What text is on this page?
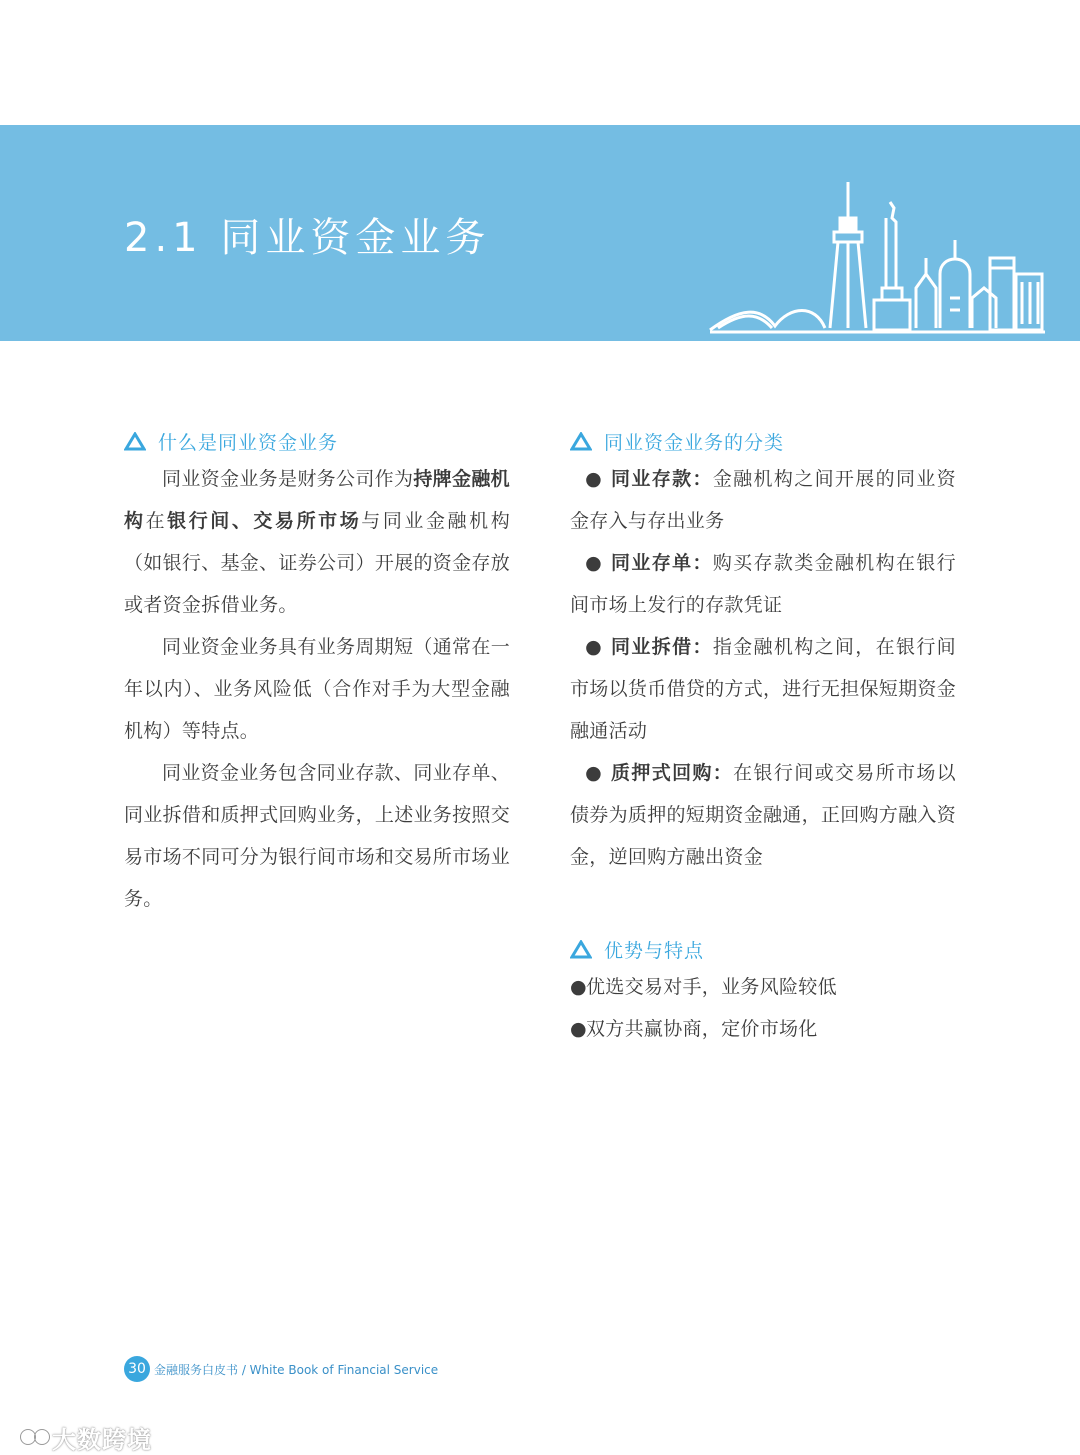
2.1 同业资金业务
什么是同业资金业务

同业资金业务是财务公司作为持牌金融机构在银行间、交易所市场与同业金融机构（如银行、基金、证券公司）开展的资金存放或者资金拆借业务。

同业资金业务具有业务周期短（通常在一年以内）、业务风险低（合作对手为大型金融机构）等特点。

同业资金业务包含同业存款、同业存单、同业拆借和质押式回购业务，上述业务按照交易市场不同可分为银行间市场和交易所市场业务。

同业资金业务的分类

● 同业存款：金融机构之间开展的同业资金存入与存出业务

● 同业存单：购买存款类金融机构在银行间市场上发行的存款凭证

● 同业拆借：指金融机构之间，在银行间市场以货币借贷的方式，进行无担保短期资金融通活动

● 质押式回购：在银行间或交易所市场以债券为质押的短期资金融通，正回购方融入资金，逆回购方融出资金

优势与特点

●优选交易对手，业务风险较低

●双方共赢协商，定价市场化

30 金融服务白皮书 / White Book of Financial Service
大数跨境
